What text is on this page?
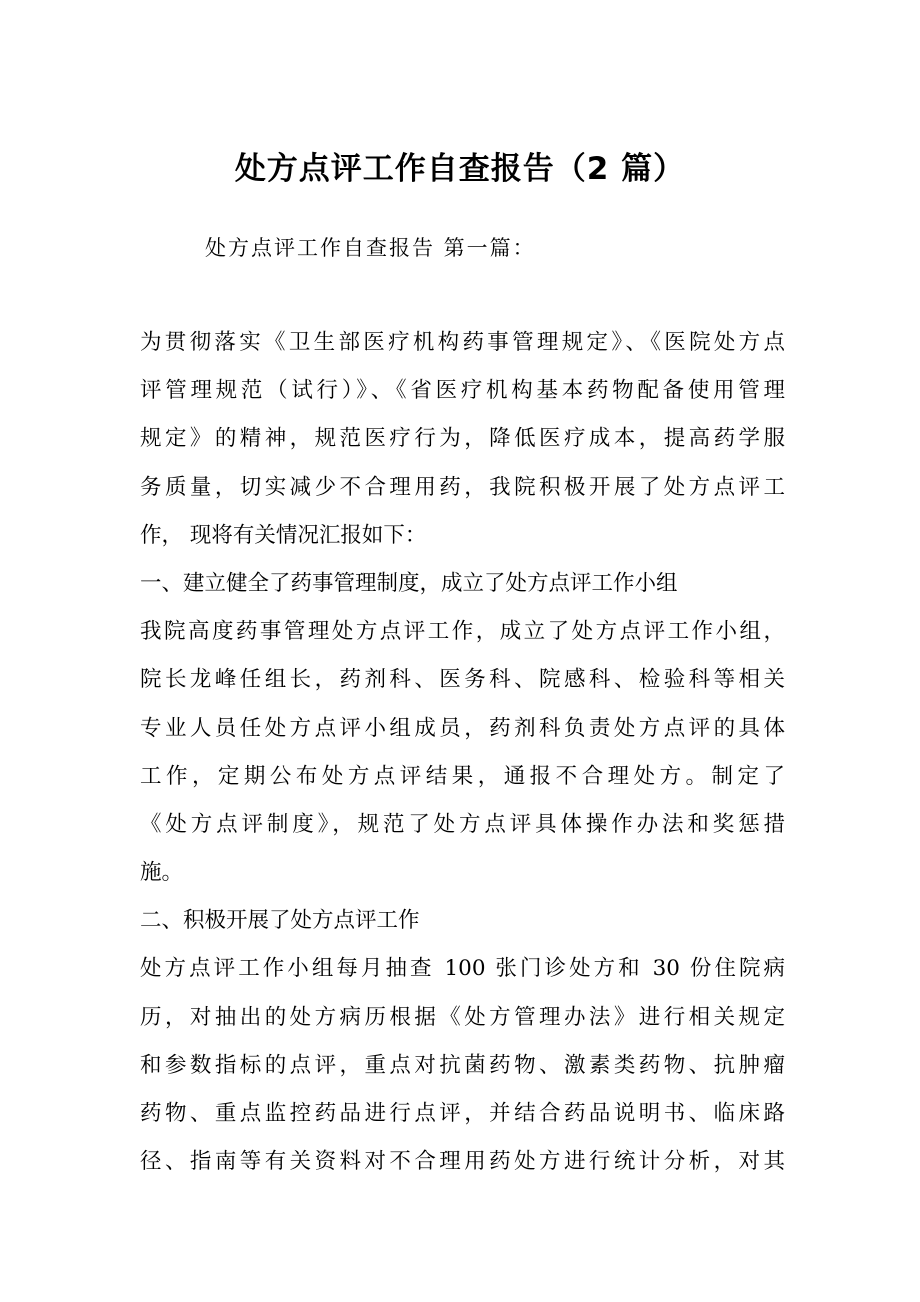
处方点评工作自查报告（2 篇）

处方点评工作自查报告 第一篇：

为贯彻落实《卫生部医疗机构药事管理规定》、《医院处方点
评管理规范（试行）》、《省医疗机构基本药物配备使用管理
规定》的精神，规范医疗行为，降低医疗成本，提高药学服
务质量，切实减少不合理用药，我院积极开展了处方点评工
作， 现将有关情况汇报如下：
一、建立健全了药事管理制度，成立了处方点评工作小组
我院高度药事管理处方点评工作，成立了处方点评工作小组，
院长龙峰任组长，药剂科、医务科、院感科、检验科等相关
专业人员任处方点评小组成员，药剂科负责处方点评的具体
工作，定期公布处方点评结果，通报不合理处方。制定了
《处方点评制度》，规范了处方点评具体操作办法和奖惩措
施。
二、积极开展了处方点评工作
处方点评工作小组每月抽查 100 张门诊处方和 30 份住院病
历，对抽出的处方病历根据《处方管理办法》进行相关规定
和参数指标的点评，重点对抗菌药物、激素类药物、抗肿瘤
药物、重点监控药品进行点评，并结合药品说明书、临床路
径、指南等有关资料对不合理用药处方进行统计分析，对其
